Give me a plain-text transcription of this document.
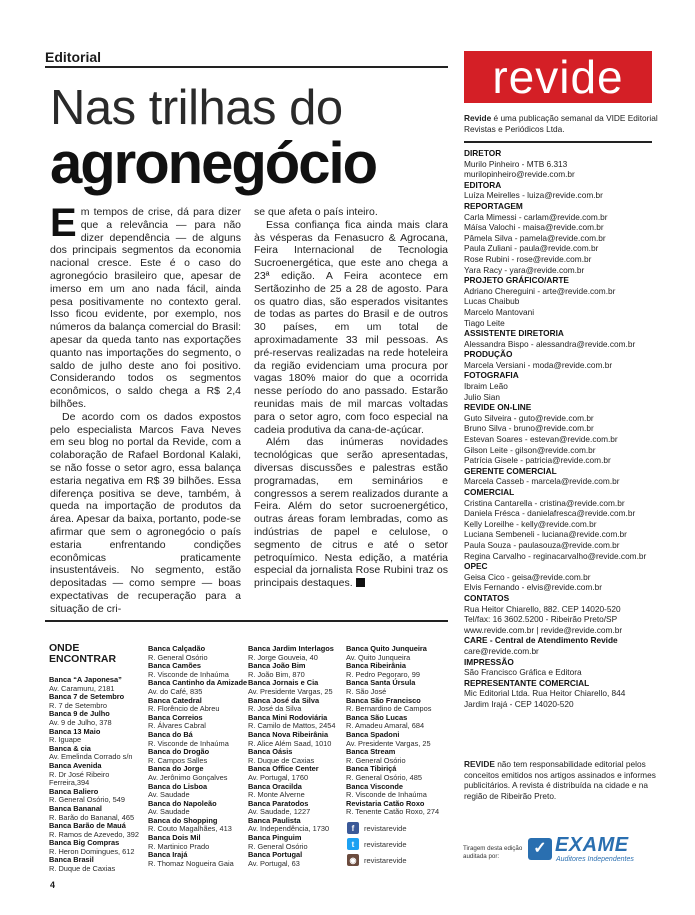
Editorial
Nas trilhas do
agronegócio

Em tempos de crise, dá para dizer que a relevância — para não dizer dependência — de alguns dos principais segmentos da economia nacional cresce. Este é o caso do agronegócio brasileiro que, apesar de imerso em um ano nada fácil, ainda pesa positivamente no contexto geral. Isso ficou evidente, por exemplo, nos números da balança comercial do Brasil: apesar da queda tanto nas exportações quanto nas importações do segmento, o saldo de julho deste ano foi positivo. Considerando todos os segmentos econômicos, o saldo chega a R$ 2,4 bilhões.

De acordo com os dados expostos pelo especialista Marcos Fava Neves em seu blog no portal da Revide, com a colaboração de Rafael Bordonal Kalaki, se não fosse o setor agro, essa balança estaria negativa em R$ 39 bilhões. Essa diferença positiva se deve, também, à queda na importação de produtos da área. Apesar da baixa, portanto, pode-se afirmar que sem o agronegócio o país estaria enfrentando condições econômicas praticamente insustentáveis. No segmento, estão depositadas — como sempre — boas expectativas de recuperação para a situação de cri-

se que afeta o país inteiro.

Essa confiança fica ainda mais clara às vésperas da Fenasucro & Agrocana, Feira Internacional de Tecnologia Sucroenergética, que este ano chega a 23ª edição. A Feira acontece em Sertãozinho de 25 a 28 de agosto. Para os quatro dias, são esperados visitantes de todas as partes do Brasil e de outros 30 países, em um total de aproximadamente 33 mil pessoas. As pré-reservas realizadas na rede hoteleira da região evidenciam uma procura por vagas 180% maior do que a ocorrida nesse período do ano passado. Estarão reunidas mais de mil marcas voltadas para o setor agro, com foco especial na cadeia produtiva da cana-de-açúcar.

Além das inúmeras novidades tecnológicas que serão apresentadas, diversas discussões e palestras estão programadas, em seminários e congressos a serem realizados durante a Feira. Além do setor sucroenergético, outras áreas foram lembradas, como as indústrias de papel e celulose, o segmento de citrus e até o setor petroquímico. Nesta edição, a matéria especial da jornalista Rose Rubini traz os principais destaques.

ONDE ENCONTRAR
Banca “A Japonesa”
Av. Caramuru, 2181
Banca 7 de Setembro
R. 7 de Setembro
Banca 9 de Julho
Av. 9 de Julho, 378
Banca 13 Maio
R. Iguape
Banca & cia
Av. Emelinda Corrado s/n
Banca Avenida
R. Dr José Ribeiro Ferreira,394
Banca Baliero
R. General Osório, 549
Banca Bananal
R. Barão do Bananal, 465
Banca Barão de Mauá
R. Ramos de Azevedo, 392
Banca Big Compras
R. Heron Domingues, 612
Banca Brasil
R. Duque de Caxias
Banca Calçadão
R. General Osório
Banca Camões
R. Visconde de Inhaúma
Banca Cantinho da Amizade
Av. do Café, 835
Banca Catedral
R. Florêncio de Abreu
Banca Correios
R. Álvares Cabral
Banca do Bá
R. Visconde de Inhaúma
Banca do Drogão
R. Campos Salles
Banca do Jorge
Av. Jerônimo Gonçalves
Banca do Lisboa
Av. Saudade
Banca do Napoleão
Av. Saudade
Banca do Shopping
R. Couto Magalhães, 413
Banca Dois Mil
R. Martinico Prado
Banca Irajá
R. Thomaz Nogueira Gaia
Banca Jardim Interlagos
R. Jorge Gouveia, 40
Banca João Bim
R. João Bim, 870
Banca Jornais e Cia
Av. Presidente Vargas, 25
Banca José da Silva
R. José da Silva
Banca Mini Rodoviária
R. Camilo de Mattos, 2454
Banca Nova Ribeirânia
R. Alice Além Saad, 1010
Banca Oásis
R. Duque de Caxias
Banca Office Center
Av. Portugal, 1760
Banca Oracilda
R. Monte Alverne
Banca Paratodos
Av. Saudade, 1227
Banca Paulista
Av. Independência, 1730
Banca Pinguim
R. General Osório
Banca Portugal
Av. Portugal, 63
Banca Quito Junqueira
Av. Quito Junqueira
Banca Ribeirânia
R. Pedro Pegoraro, 99
Banca Santa Úrsula
R. São José
Banca São Francisco
R. Bernardino de Campos
Banca São Lucas
R. Amadeu Amaral, 684
Banca Spadoni
Av. Presidente Vargas, 25
Banca Stream
R. General Osório
Banca Tibiriçá
R. General Osório, 485
Banca Visconde
R. Visconde de Inhaúma
Revistaria Catão Roxo
R. Tenente Catão Roxo, 274
f	revistarevide
t	revistarevide
◉	revistarevide
revide
Revide é uma publicação semanal da VIDE Editorial Revistas e Periódicos Ltda.
DIRETOR
Murilo Pinheiro - MTB 6.313
murilopinheiro@revide.com.br
EDITORA
Luíza Meirelles - luiza@revide.com.br
REPORTAGEM
Carla Mimessi - carlam@revide.com.br
Máísa Valochi - maisa@revide.com.br
Pâmela Silva - pamela@revide.com.br
Paula Zuliani - paula@revide.com.br
Rose Rubini - rose@revide.com.br
Yara Racy - yara@revide.com.br
PROJETO GRÁFICO/ARTE
Adriano Chereguini - arte@revide.com.br
Lucas Chaibub
Marcelo Mantovani
Tiago Leite
ASSISTENTE DIRETORIA
Alessandra Bispo - alessandra@revide.com.br
PRODUÇÃO
Marcela Versiani - moda@revide.com.br
FOTOGRAFIA
Ibraim Leão
Julio Sian
REVIDE ON-LINE
Guto Silveira - guto@revide.com.br
Bruno Silva - bruno@revide.com.br
Estevan Soares - estevan@revide.com.br
Gilson Leite - gilson@revide.com.br
Patrícia Gisele - patricia@revide.com.br
GERENTE COMERCIAL
Marcela Casseb - marcela@revide.com.br
COMERCIAL
Cristina Cantarella - cristina@revide.com.br
Daniela Frésca - danielafresca@revide.com.br
Kelly Loreilhe - kelly@revide.com.br
Luciana Sembeneli - luciana@revide.com.br
Paula Souza - paulasouza@revide.com.br
Regina Carvalho - reginacarvalho@revide.com.br
OPEC
Geisa Cico - geisa@revide.com.br
Elvis Fernando - elvis@revide.com.br
CONTATOS
Rua Heitor Chiarello, 882. CEP 14020-520
Tel/fax: 16 3602.5200 - Ribeirão Preto/SP
www.revide.com.br | revide@revide.com.br
CARE - Central de Atendimento Revide
care@revide.com.br
IMPRESSÃO
São Francisco Gráfica e Editora
REPRESENTANTE COMERCIAL
Mic Editorial Ltda. Rua Heitor Chiarello, 844
Jardim Irajá - CEP 14020-520
REVIDE não tem responsabilidade editorial pelos conceitos emitidos nos artigos assinados e informes publicitários. A revista é distribuída na cidade e na região de Ribeirão Preto.
Tiragem desta edição auditada por:	✓ EXAME
Auditores Independentes
4
